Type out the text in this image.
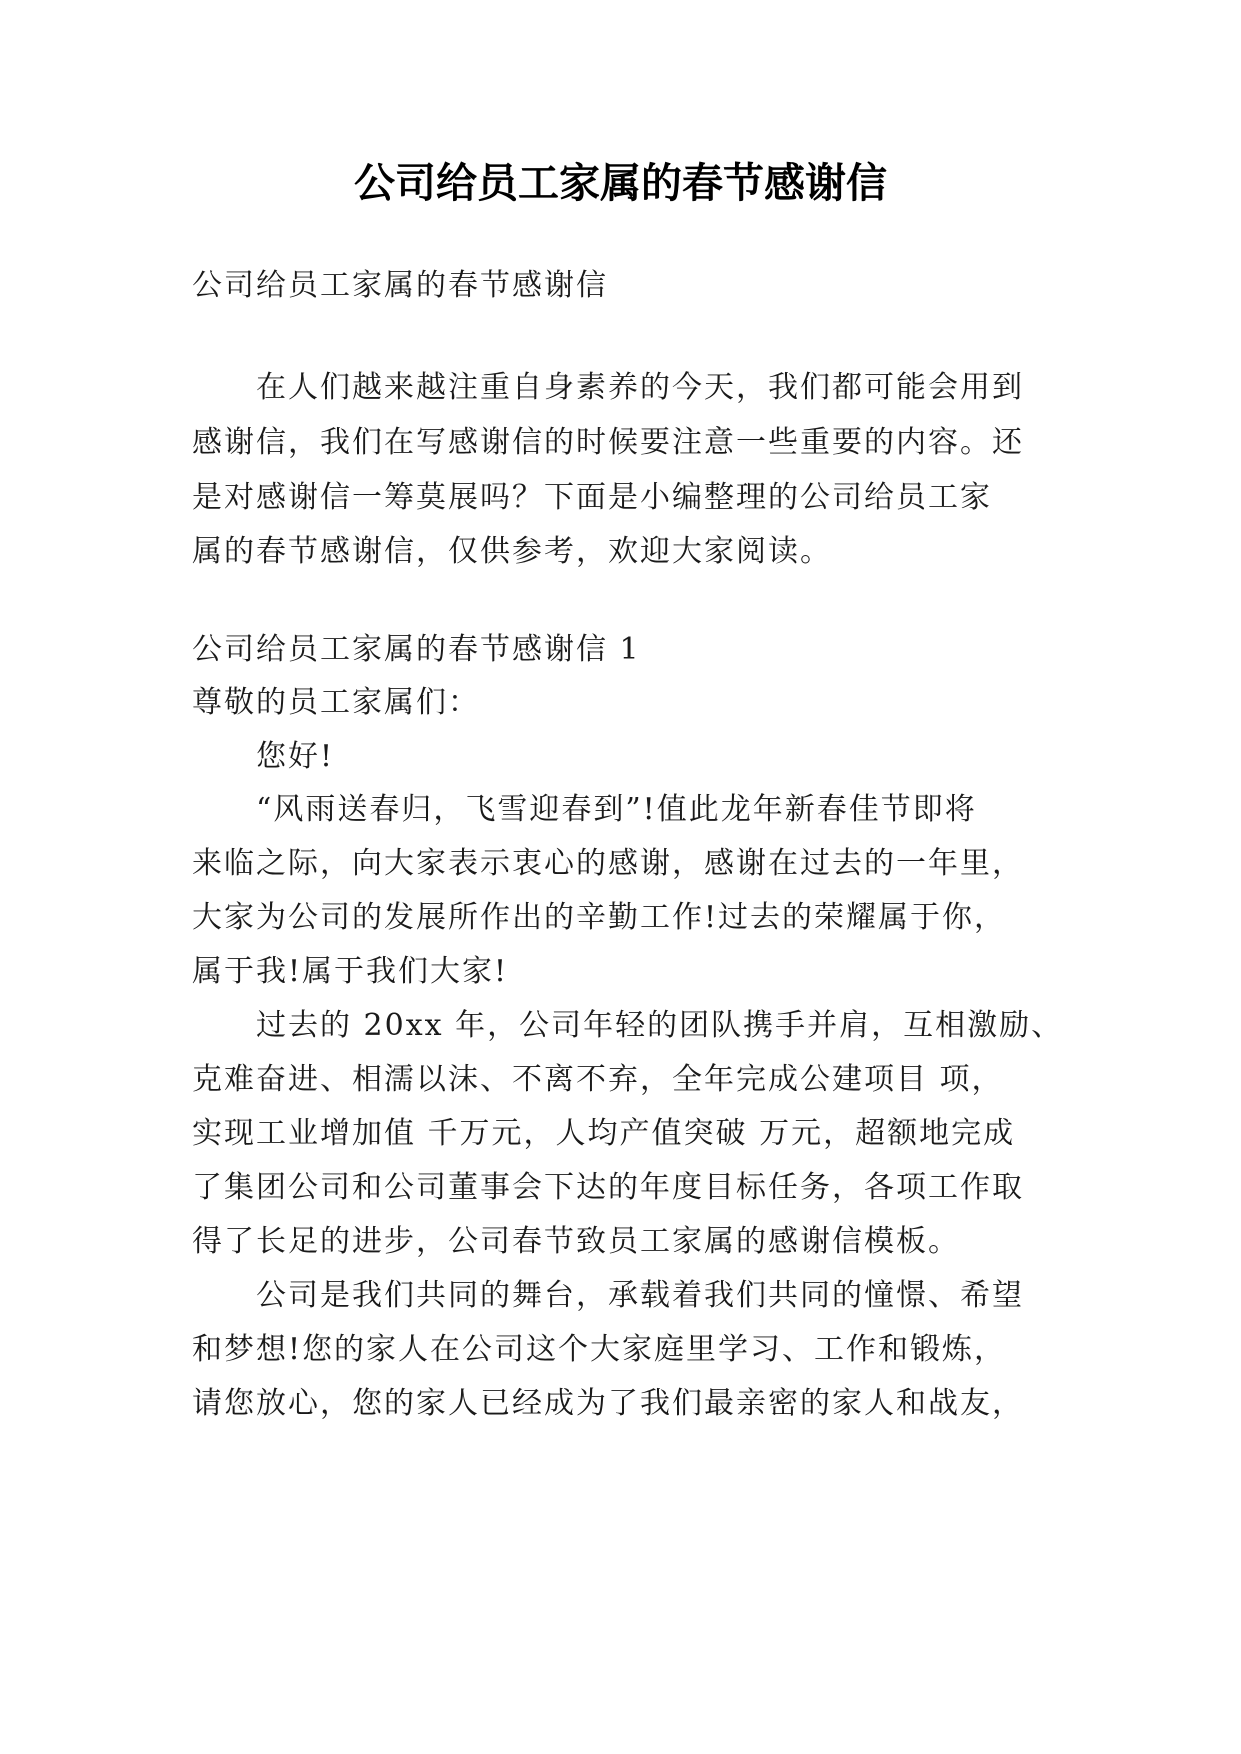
公司给员工家属的春节感谢信
公司给员工家属的春节感谢信
在人们越来越注重自身素养的今天，我们都可能会用到
感谢信，我们在写感谢信的时候要注意一些重要的内容。还
是对感谢信一筹莫展吗？下面是小编整理的公司给员工家
属的春节感谢信，仅供参考，欢迎大家阅读。
公司给员工家属的春节感谢信 1
尊敬的员工家属们：
您好!
“风雨送春归，飞雪迎春到”!值此龙年新春佳节即将
来临之际，向大家表示衷心的感谢，感谢在过去的一年里，
大家为公司的发展所作出的辛勤工作!过去的荣耀属于你，
属于我!属于我们大家!
过去的 20xx 年，公司年轻的团队携手并肩，互相激励、
克难奋进、相濡以沫、不离不弃，全年完成公建项目 项，
实现工业增加值 千万元，人均产值突破 万元，超额地完成
了集团公司和公司董事会下达的年度目标任务，各项工作取
得了长足的进步，公司春节致员工家属的感谢信模板。
公司是我们共同的舞台，承载着我们共同的憧憬、希望
和梦想!您的家人在公司这个大家庭里学习、工作和锻炼，
请您放心，您的家人已经成为了我们最亲密的家人和战友，
